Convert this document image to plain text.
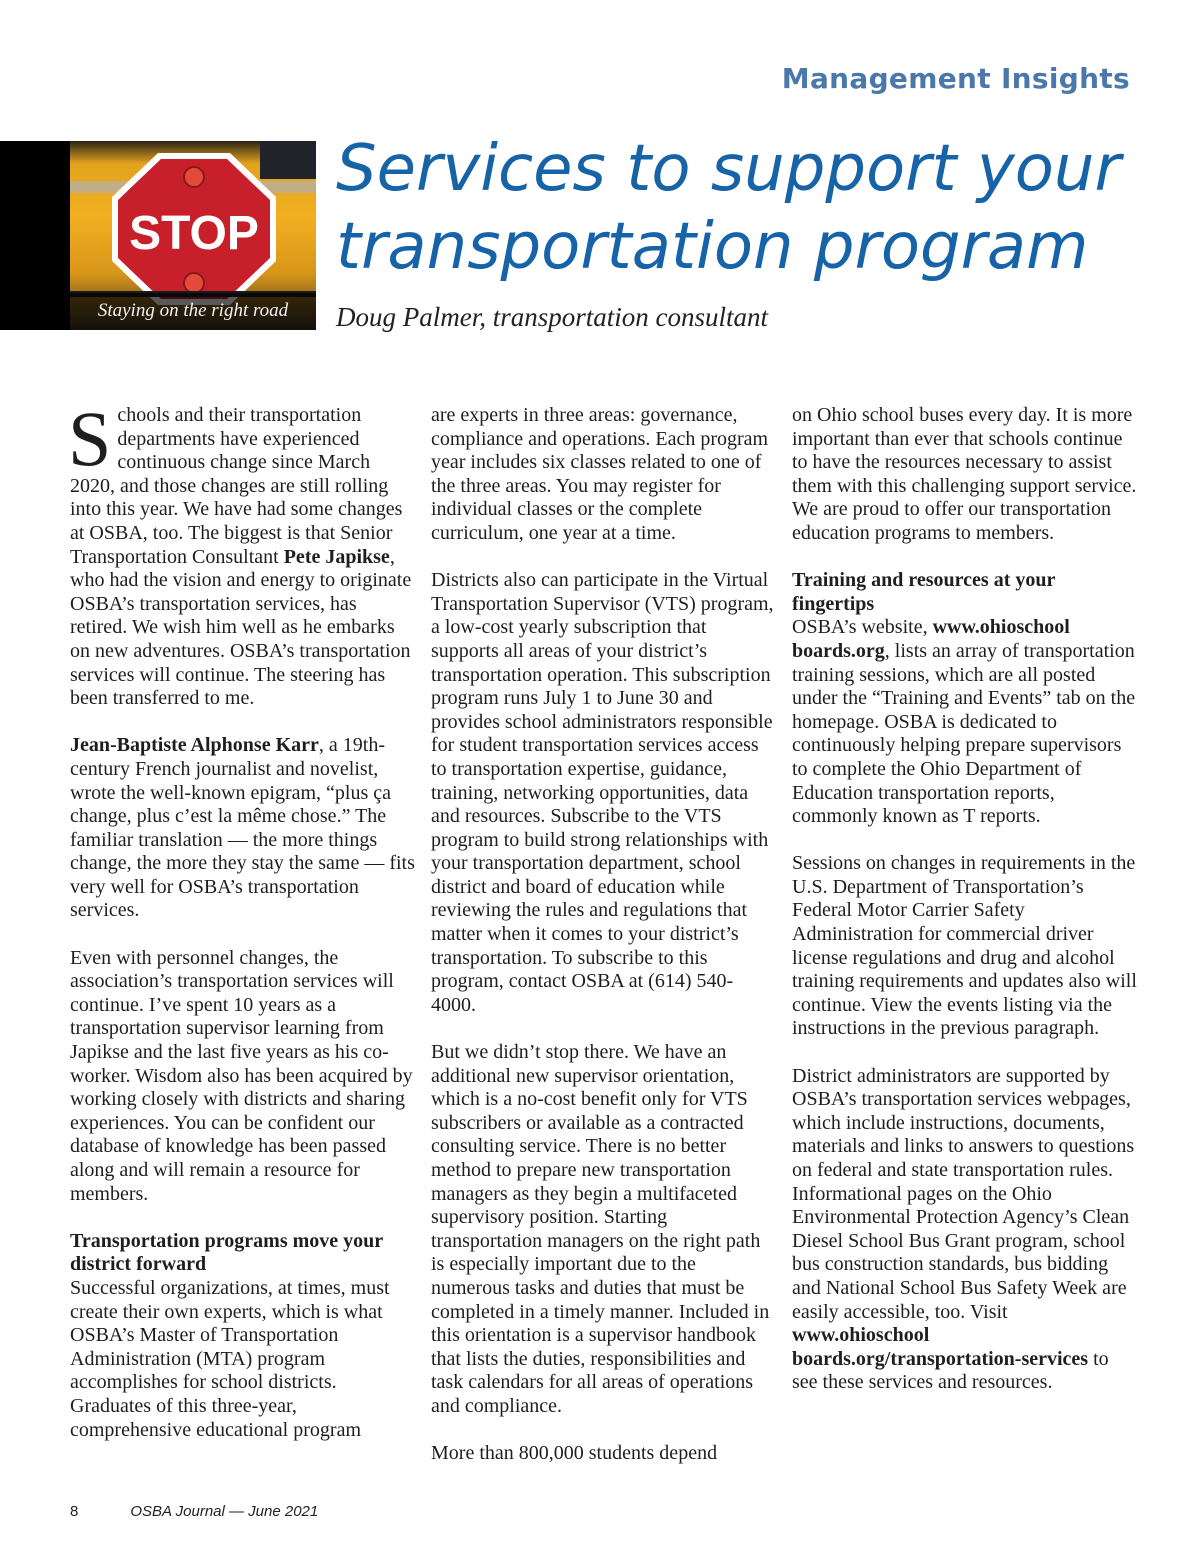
Management Insights
STOP
Staying on the right road
Services to support your
transportation program
Doug Palmer, transportation consultant

Schools and their transportation departments have experienced continuous change since March 2020, and those changes are still rolling into this year. We have had some changes at OSBA, too. The biggest is that Senior Transportation Consultant Pete Japikse, who had the vision and energy to originate OSBA’s transportation services, has retired. We wish him well as he embarks on new adventures. OSBA’s transportation services will continue. The steering has been transferred to me.

Jean-Baptiste Alphonse Karr, a 19th-century French journalist and novelist, wrote the well-known epigram, “plus ça change, plus c’est la même chose.” The familiar translation — the more things change, the more they stay the same — fits very well for OSBA’s transportation services.

Even with personnel changes, the association’s transportation services will continue. I’ve spent 10 years as a transportation supervisor learning from Japikse and the last five years as his co-worker. Wisdom also has been acquired by working closely with districts and sharing experiences. You can be confident our database of knowledge has been passed along and will remain a resource for members.

Transportation programs move your district forward

Successful organizations, at times, must create their own experts, which is what OSBA’s Master of Transportation Administration (MTA) program accomplishes for school districts. Graduates of this three-year, comprehensive educational program

are experts in three areas: governance, compliance and operations. Each program year includes six classes related to one of the three areas. You may register for individual classes or the complete curriculum, one year at a time.

Districts also can participate in the Virtual Transportation Supervisor (VTS) program, a low-cost yearly subscription that supports all areas of your district’s transportation operation. This subscription program runs July 1 to June 30 and provides school administrators responsible for student transportation services access to transportation expertise, guidance, training, networking opportunities, data and resources. Subscribe to the VTS program to build strong relationships with your transportation department, school district and board of education while reviewing the rules and regulations that matter when it comes to your district’s transportation. To subscribe to this program, contact OSBA at (614) 540-4000.

But we didn’t stop there. We have an additional new supervisor orientation, which is a no-cost benefit only for VTS subscribers or available as a contracted consulting service. There is no better method to prepare new transportation managers as they begin a multifaceted supervisory position. Starting transportation managers on the right path is especially important due to the numerous tasks and duties that must be completed in a timely manner. Included in this orientation is a supervisor handbook that lists the duties, responsibilities and task calendars for all areas of operations and compliance.

More than 800,000 students depend

on Ohio school buses every day. It is more important than ever that schools continue to have the resources necessary to assist them with this challenging support service. We are proud to offer our transportation education programs to members.

Training and resources at your fingertips

OSBA’s website, www.ohioschool boards.org, lists an array of transportation training sessions, which are all posted under the “Training and Events” tab on the homepage. OSBA is dedicated to continuously helping prepare supervisors to complete the Ohio Department of Education transportation reports, commonly known as T reports.

Sessions on changes in requirements in the U.S. Department of Transportation’s Federal Motor Carrier Safety Administration for commercial driver license regulations and drug and alcohol training requirements and updates also will continue. View the events listing via the instructions in the previous paragraph.

District administrators are supported by OSBA’s transportation services webpages, which include instructions, documents, materials and links to answers to questions on federal and state transportation rules. Informational pages on the Ohio Environmental Protection Agency’s Clean Diesel School Bus Grant program, school bus construction standards, bus bidding and National School Bus Safety Week are easily accessible, too. Visit www.ohioschool boards.org/transportation-services to see these services and resources.

8	OSBA Journal — June 2021
